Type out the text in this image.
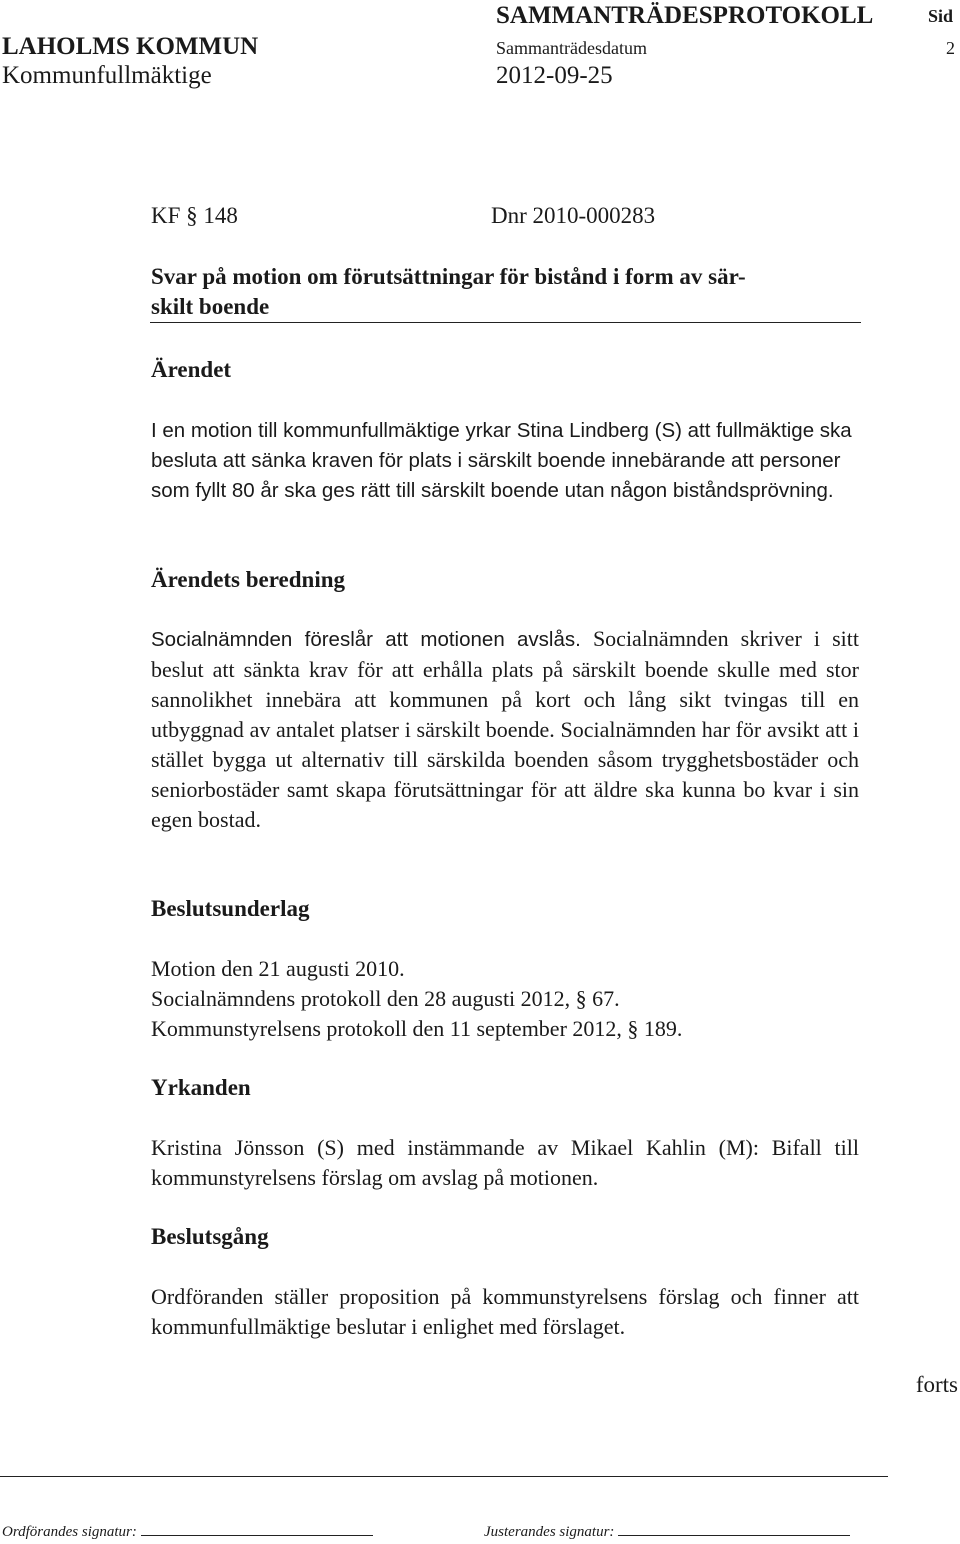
SAMMANTRÄDESPROTOKOLL	Sid
LAHOLMS KOMMUN	Sammanträdesdatum	2
Kommunfullmäktige	2012-09-25
KF § 148	Dnr 2010-000283
Svar på motion om förutsättningar för bistånd i form av sär-
skilt boende
Ärendet

I en motion till kommunfullmäktige yrkar Stina Lindberg (S) att fullmäktige ska besluta att sänka kraven för plats i särskilt boende innebärande att personer som fyllt 80 år ska ges rätt till särskilt boende utan någon biståndsprövning.

Ärendets beredning

Socialnämnden föreslår att motionen avslås. Socialnämnden skriver i sitt beslut att sänkta krav för att erhålla plats på särskilt boende skulle med stor sannolikhet innebära att kommunen på kort och lång sikt tvingas till en utbyggnad av antalet platser i särskilt boende. Socialnämnden har för avsikt att i stället bygga ut alternativ till särskilda boenden såsom trygghetsbostäder och seniorbostäder samt skapa förutsättningar för att äldre ska kunna bo kvar i sin egen bostad.

Beslutsunderlag
Motion den 21 augusti 2010.
Socialnämndens protokoll den 28 augusti 2012, § 67.
Kommunstyrelsens protokoll den 11 september 2012, § 189.
Yrkanden

Kristina Jönsson (S) med instämmande av Mikael Kahlin (M): Bifall till kommunstyrelsens förslag om avslag på motionen.

Beslutsgång

Ordföranden ställer proposition på kommunstyrelsens förslag och finner att kommunfullmäktige beslutar i enlighet med förslaget.

forts
Ordförandes signatur:	Justerandes signatur:
